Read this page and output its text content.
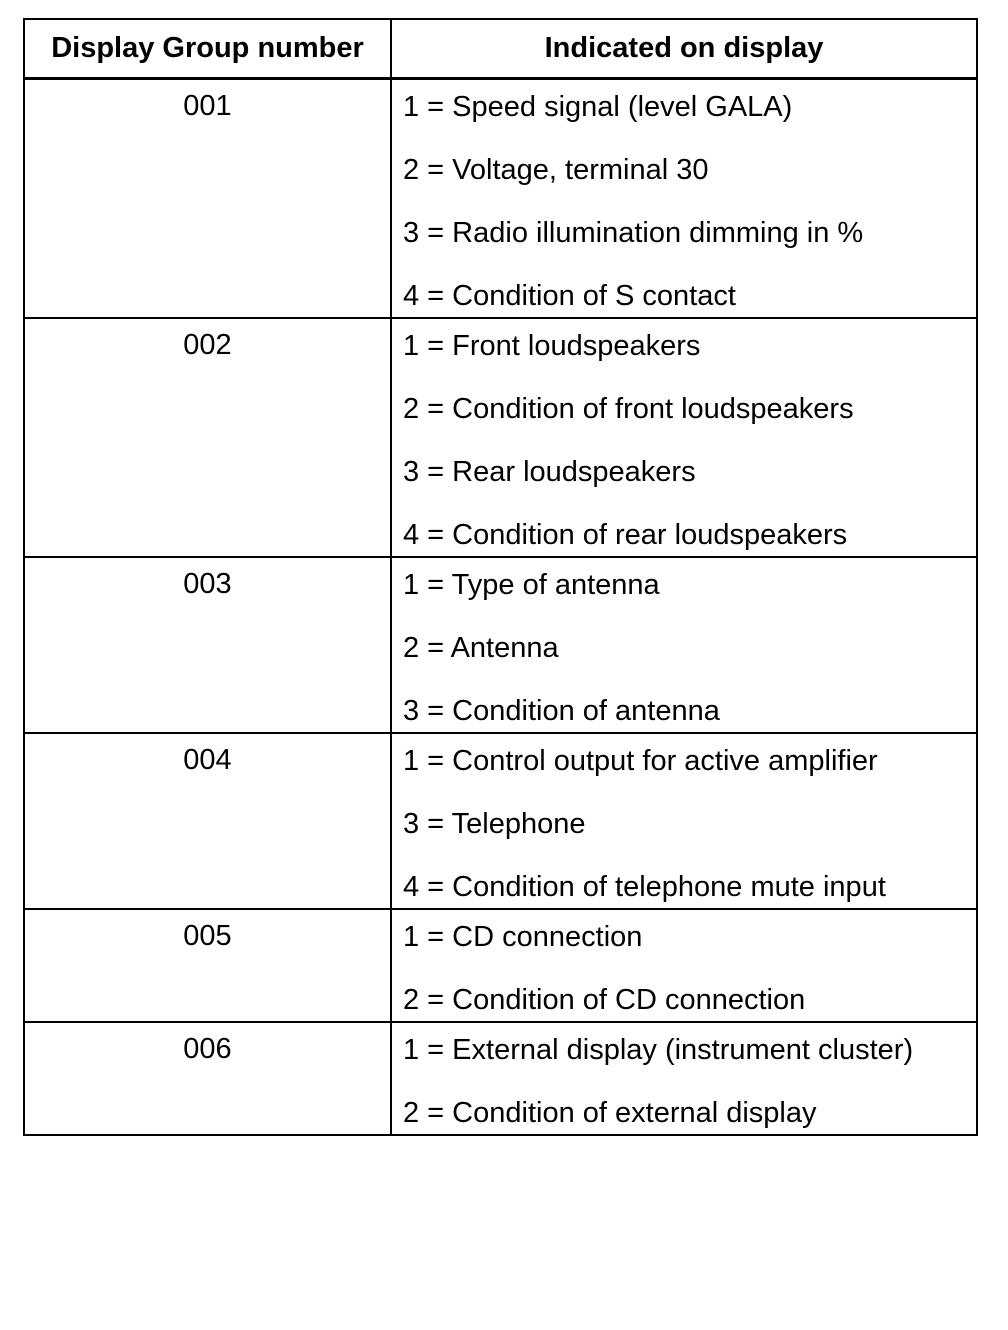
Display Group number	Indicated on display
001	1 = Speed signal (level GALA)
2 = Voltage, terminal 30
3 = Radio illumination dimming in %
4 = Condition of S contact

002	1 = Front loudspeakers
2 = Condition of front loudspeakers
3 = Rear loudspeakers
4 = Condition of rear loudspeakers

003	1 = Type of antenna
2 = Antenna
3 = Condition of antenna

004	1 = Control output for active amplifier
3 = Telephone
4 = Condition of telephone mute input

005	1 = CD connection
2 = Condition of CD connection

006	1 = External display (instrument cluster)
2 = Condition of external display
